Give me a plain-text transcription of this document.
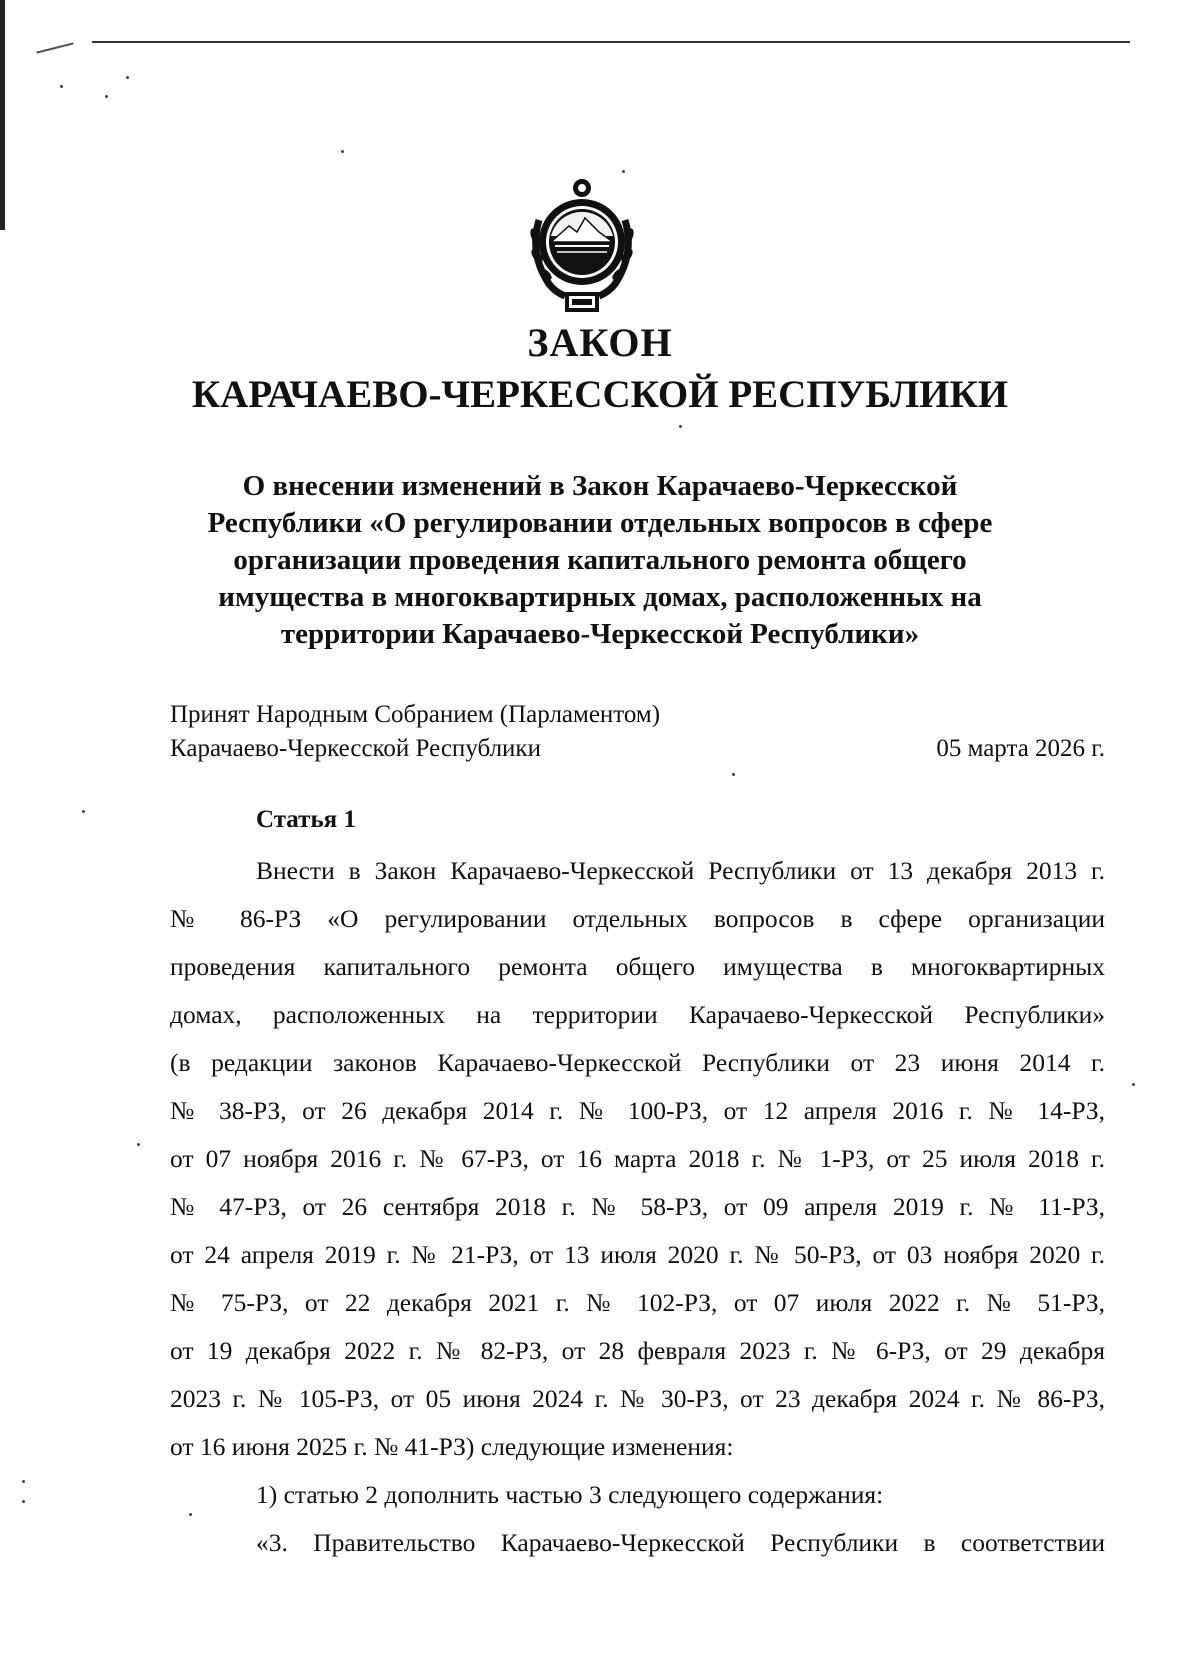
ЗАКОН
КАРАЧАЕВО-ЧЕРКЕССКОЙ РЕСПУБЛИКИ
О внесении изменений в Закон Карачаево-Черкесской
Республики «О регулировании отдельных вопросов в сфере
организации проведения капитального ремонта общего
имущества в многоквартирных домах, расположенных на
территории Карачаево-Черкесской Республики»
Принят Народным Собранием (Парламентом)
Карачаево-Черкесской Республики	05 марта 2026 г.
Статья 1
Внести в Закон Карачаево-Черкесской Республики от 13 декабря 2013 г.
№ 86-РЗ «О регулировании отдельных вопросов в сфере организации
проведения капитального ремонта общего имущества в многоквартирных
домах, расположенных на территории Карачаево-Черкесской Республики»
(в редакции законов Карачаево-Черкесской Республики от 23 июня 2014 г.
№ 38-РЗ, от 26 декабря 2014 г. № 100-РЗ, от 12 апреля 2016 г. № 14-РЗ,
от 07 ноября 2016 г. № 67-РЗ, от 16 марта 2018 г. № 1-РЗ, от 25 июля 2018 г.
№ 47-РЗ, от 26 сентября 2018 г. № 58-РЗ, от 09 апреля 2019 г. № 11-РЗ,
от 24 апреля 2019 г. № 21-РЗ, от 13 июля 2020 г. № 50-РЗ, от 03 ноября 2020 г.
№ 75-РЗ, от 22 декабря 2021 г. № 102-РЗ, от 07 июля 2022 г. № 51-РЗ,
от 19 декабря 2022 г. № 82-РЗ, от 28 февраля 2023 г. № 6-РЗ, от 29 декабря
2023 г. № 105-РЗ, от 05 июня 2024 г. № 30-РЗ, от 23 декабря 2024 г. № 86-РЗ,
от 16 июня 2025 г. № 41-РЗ) следующие изменения:
1) статью 2 дополнить частью 3 следующего содержания:
«3. Правительство Карачаево-Черкесской Республики в соответствии
